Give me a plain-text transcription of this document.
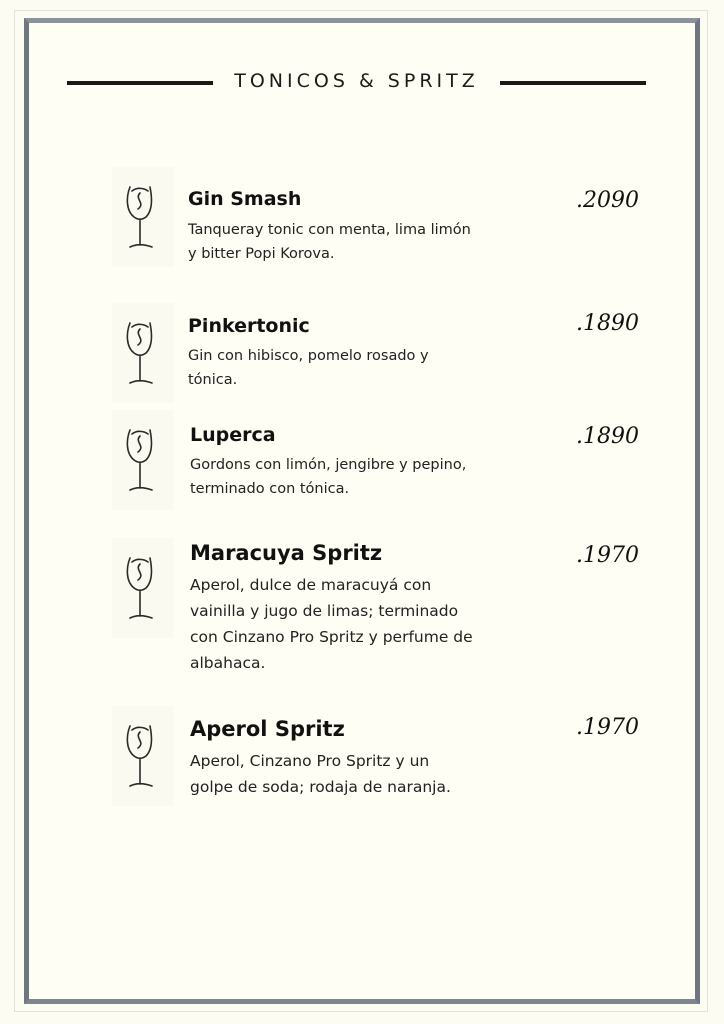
TONICOS & SPRITZ
Gin Smash
Tanqueray tonic con menta, lima limón
y bitter Popi Korova.
.2090
Pinkertonic
Gin con hibisco, pomelo rosado y
tónica.
.1890
Luperca
Gordons con limón, jengibre y pepino,
terminado con tónica.
.1890
Maracuya Spritz
Aperol, dulce de maracuyá con
vainilla y jugo de limas; terminado
con Cinzano Pro Spritz y perfume de
albahaca.
.1970
Aperol Spritz
Aperol, Cinzano Pro Spritz y un
golpe de soda; rodaja de naranja.
.1970
